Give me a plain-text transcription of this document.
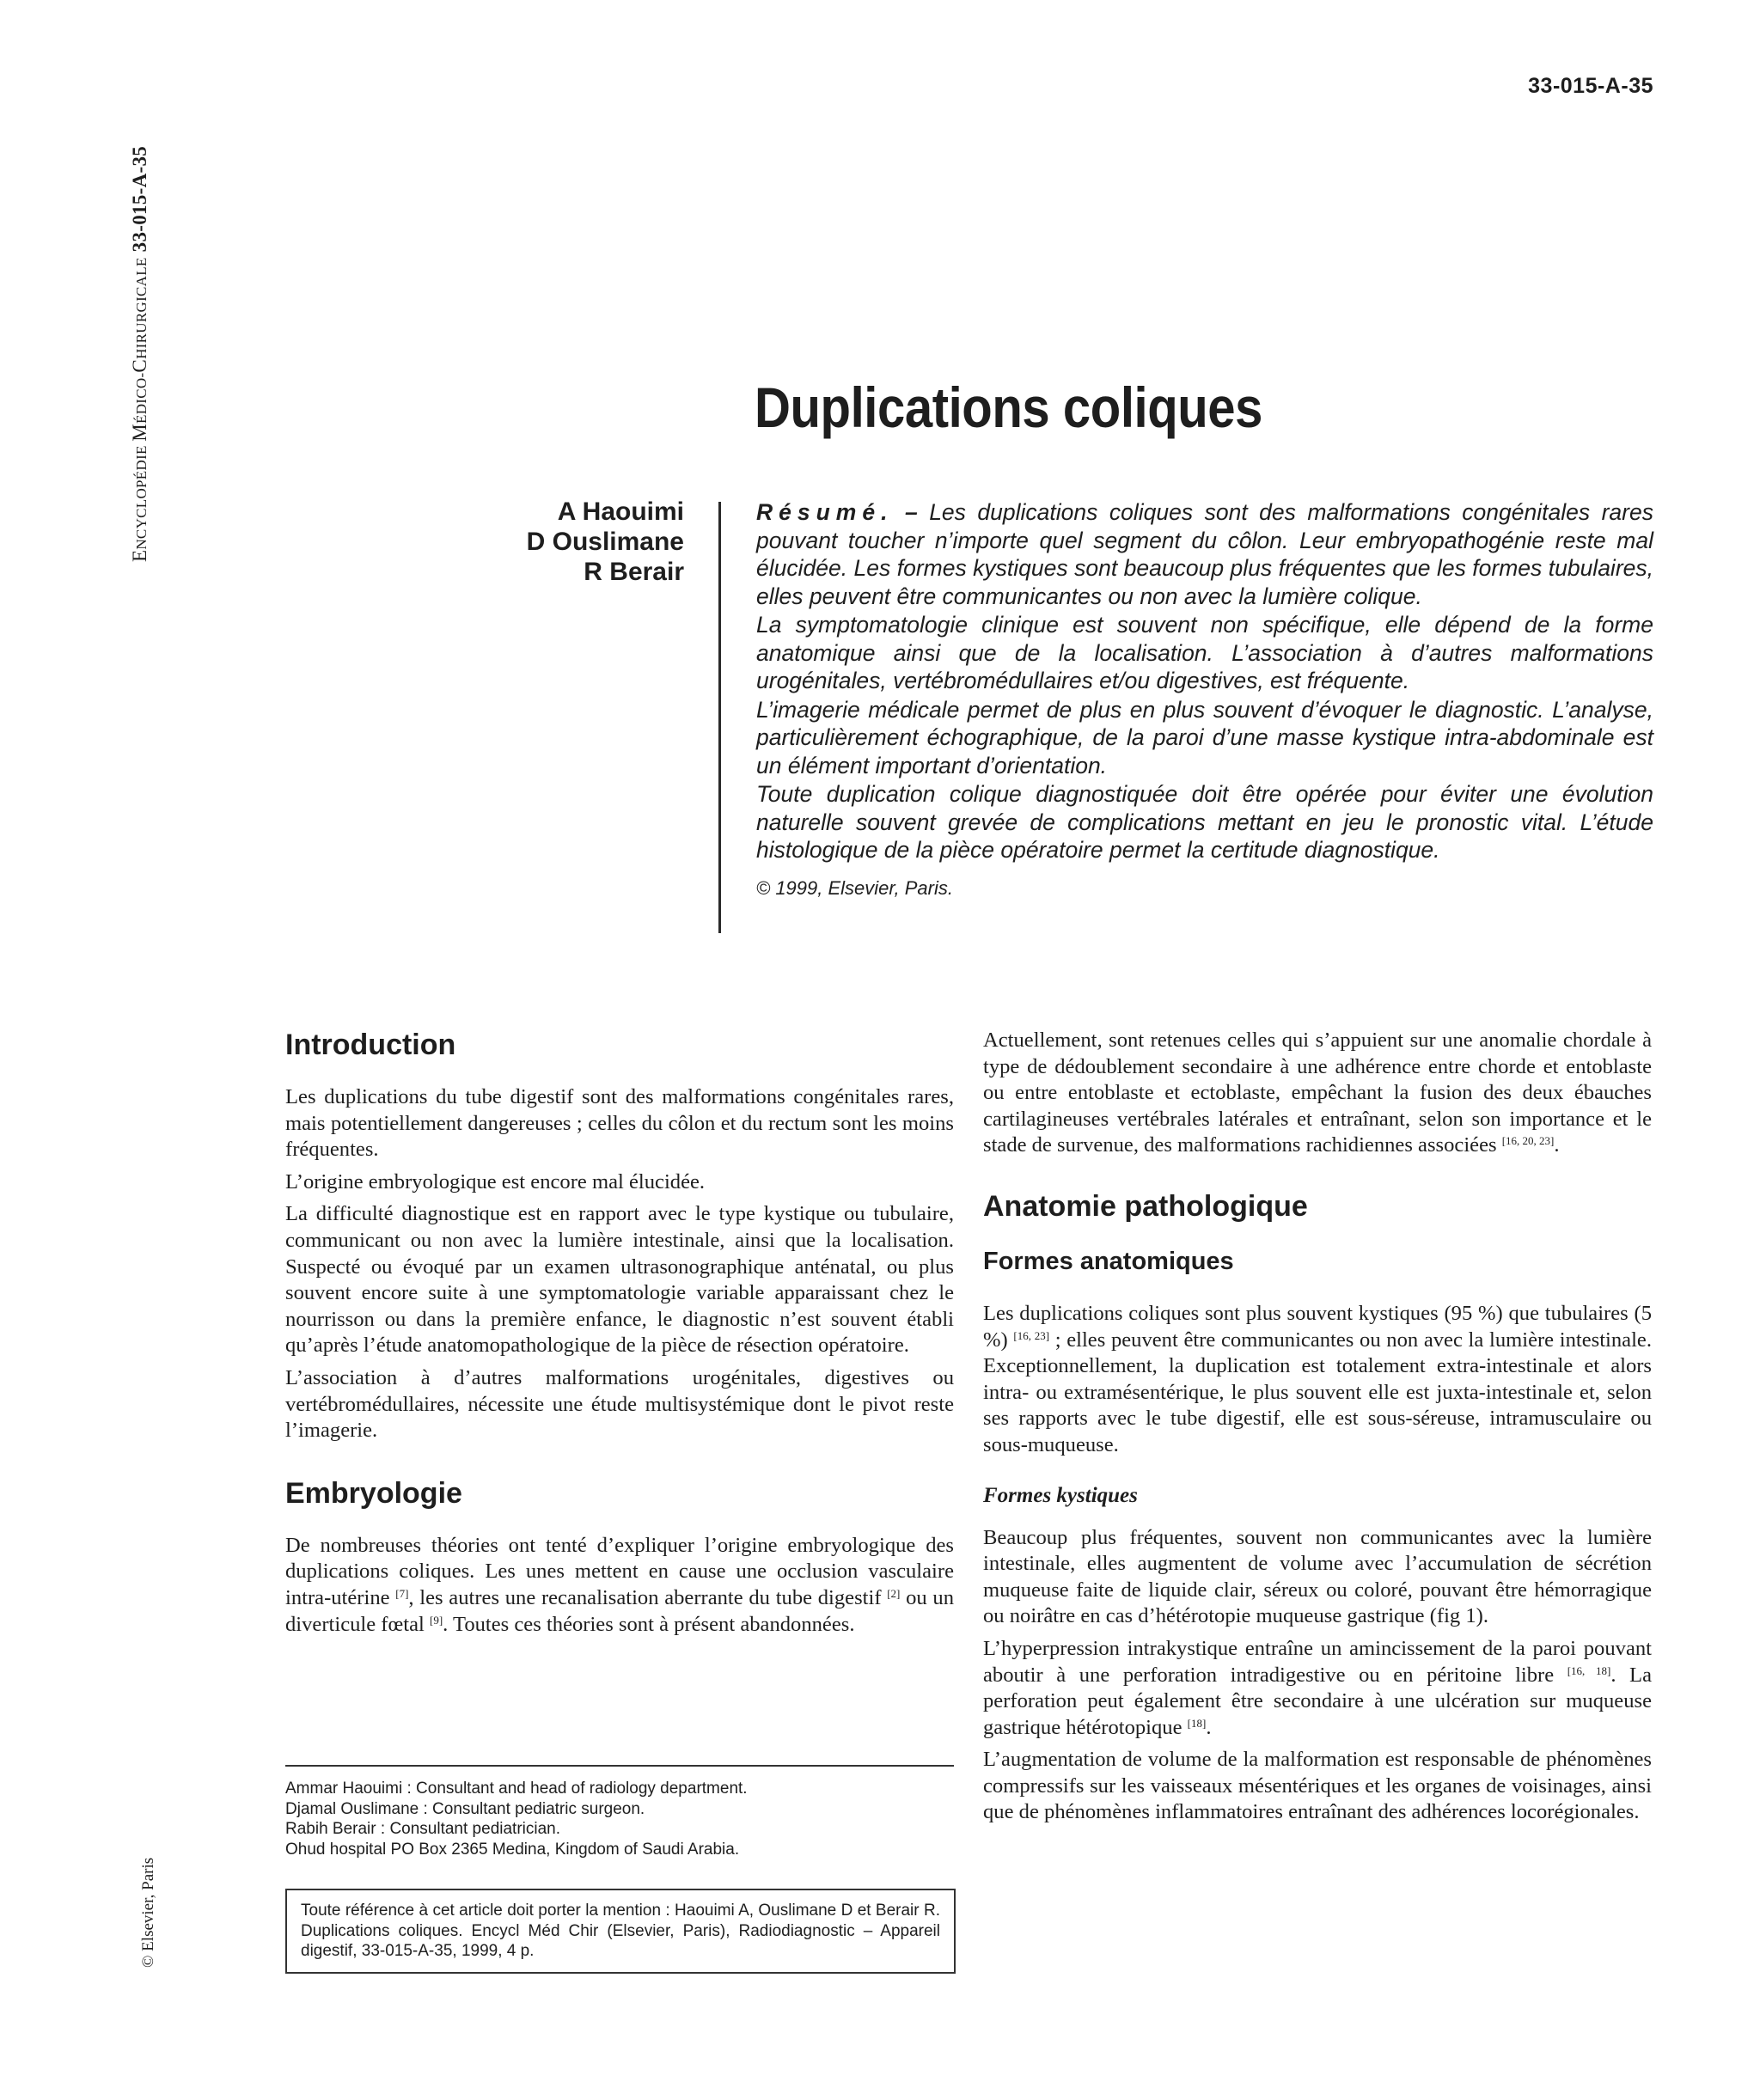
33-015-A-35
ENCYCLOPÉDIE MÉDICO-CHIRURGICALE 33-015-A-35
© Elsevier, Paris
Duplications coliques
A Haouimi
D Ouslimane
R Berair

Résumé. – Les duplications coliques sont des malformations congénitales rares pouvant toucher n’importe quel segment du côlon. Leur embryopathogénie reste mal élucidée. Les formes kystiques sont beaucoup plus fréquentes que les formes tubulaires, elles peuvent être communicantes ou non avec la lumière colique.

La symptomatologie clinique est souvent non spécifique, elle dépend de la forme anatomique ainsi que de la localisation. L’association à d’autres malformations urogénitales, vertébromédullaires et/ou digestives, est fréquente.

L’imagerie médicale permet de plus en plus souvent d’évoquer le diagnostic. L’analyse, particulièrement échographique, de la paroi d’une masse kystique intra-abdominale est un élément important d’orientation.

Toute duplication colique diagnostiquée doit être opérée pour éviter une évolution naturelle souvent grevée de complications mettant en jeu le pronostic vital. L’étude histologique de la pièce opératoire permet la certitude diagnostique.

© 1999, Elsevier, Paris.

Introduction

Les duplications du tube digestif sont des malformations congénitales rares, mais potentiellement dangereuses ; celles du côlon et du rectum sont les moins fréquentes.

L’origine embryologique est encore mal élucidée.

La difficulté diagnostique est en rapport avec le type kystique ou tubulaire, communicant ou non avec la lumière intestinale, ainsi que la localisation. Suspecté ou évoqué par un examen ultrasonographique anténatal, ou plus souvent encore suite à une symptomatologie variable apparaissant chez le nourrisson ou dans la première enfance, le diagnostic n’est souvent établi qu’après l’étude anatomopathologique de la pièce de résection opératoire.

L’association à d’autres malformations urogénitales, digestives ou vertébromédullaires, nécessite une étude multisystémique dont le pivot reste l’imagerie.

Embryologie

De nombreuses théories ont tenté d’expliquer l’origine embryologique des duplications coliques. Les unes mettent en cause une occlusion vasculaire intra-utérine [7], les autres une recanalisation aberrante du tube digestif [2] ou un diverticule fœtal [9]. Toutes ces théories sont à présent abandonnées.

Ammar Haouimi : Consultant and head of radiology department.
Djamal Ouslimane : Consultant pediatric surgeon.
Rabih Berair : Consultant pediatrician.
Ohud hospital PO Box 2365 Medina, Kingdom of Saudi Arabia.
Toute référence à cet article doit porter la mention : Haouimi A, Ouslimane D et Berair R. Duplications coliques. Encycl Méd Chir (Elsevier, Paris), Radiodiagnostic – Appareil digestif, 33-015-A-35, 1999, 4 p.

Actuellement, sont retenues celles qui s’appuient sur une anomalie chordale à type de dédoublement secondaire à une adhérence entre chorde et entoblaste ou entre entoblaste et ectoblaste, empêchant la fusion des deux ébauches cartilagineuses vertébrales latérales et entraînant, selon son importance et le stade de survenue, des malformations rachidiennes associées [16, 20, 23].

Anatomie pathologique
Formes anatomiques

Les duplications coliques sont plus souvent kystiques (95 %) que tubulaires (5 %) [16, 23] ; elles peuvent être communicantes ou non avec la lumière intestinale. Exceptionnellement, la duplication est totalement extra-intestinale et alors intra- ou extramésentérique, le plus souvent elle est juxta-intestinale et, selon ses rapports avec le tube digestif, elle est sous-séreuse, intramusculaire ou sous-muqueuse.

Formes kystiques

Beaucoup plus fréquentes, souvent non communicantes avec la lumière intestinale, elles augmentent de volume avec l’accumulation de sécrétion muqueuse faite de liquide clair, séreux ou coloré, pouvant être hémorragique ou noirâtre en cas d’hétérotopie muqueuse gastrique (fig 1).

L’hyperpression intrakystique entraîne un amincissement de la paroi pouvant aboutir à une perforation intradigestive ou en péritoine libre [16, 18]. La perforation peut également être secondaire à une ulcération sur muqueuse gastrique hétérotopique [18].

L’augmentation de volume de la malformation est responsable de phénomènes compressifs sur les vaisseaux mésentériques et les organes de voisinages, ainsi que de phénomènes inflammatoires entraînant des adhérences locorégionales.
